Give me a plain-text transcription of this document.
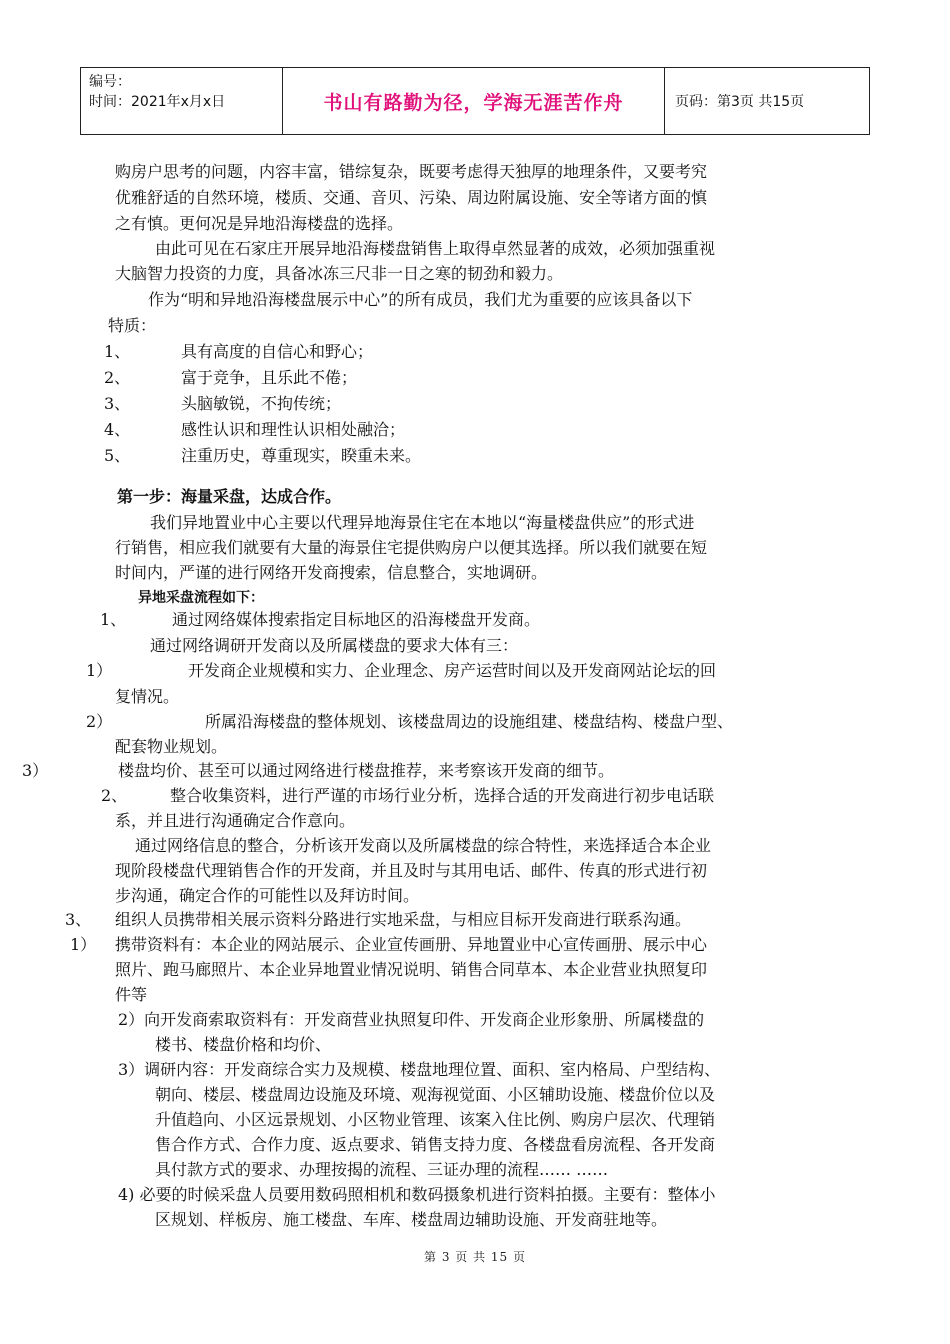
编号：
时间：2021年x月x日	书山有路勤为径，学海无涯苦作舟	页码：第3页 共15页
购房户思考的问题，内容丰富，错综复杂，既要考虑得天独厚的地理条件，又要考究
优雅舒适的自然环境，楼质、交通、音贝、污染、周边附属设施、安全等诸方面的慎
之有慎。更何况是异地沿海楼盘的选择。
由此可见在石家庄开展异地沿海楼盘销售上取得卓然显著的成效，必须加强重视
大脑智力投资的力度，具备冰冻三尺非一日之寒的韧劲和毅力。
作为“明和异地沿海楼盘展示中心”的所有成员，我们尤为重要的应该具备以下
特质：
1、	具有高度的自信心和野心；
2、	富于竞争，且乐此不倦；
3、	头脑敏锐，不拘传统；
4、	感性认识和理性认识相处融洽；
5、	注重历史，尊重现实，睽重未来。
第一步：海量采盘，达成合作。
我们异地置业中心主要以代理异地海景住宅在本地以“海量楼盘供应”的形式进
行销售，相应我们就要有大量的海景住宅提供购房户以便其选择。所以我们就要在短
时间内，严谨的进行网络开发商搜索，信息整合，实地调研。
异地采盘流程如下：
1、	通过网络媒体搜索指定目标地区的沿海楼盘开发商。
通过网络调研开发商以及所属楼盘的要求大体有三：
1）	开发商企业规模和实力、企业理念、房产运营时间以及开发商网站论坛的回
复情况。
2）	所属沿海楼盘的整体规划、该楼盘周边的设施组建、楼盘结构、楼盘户型、
配套物业规划。
3）	楼盘均价、甚至可以通过网络进行楼盘推荐，来考察该开发商的细节。
2、	整合收集资料，进行严谨的市场行业分析，选择合适的开发商进行初步电话联
系，并且进行沟通确定合作意向。
通过网络信息的整合，分析该开发商以及所属楼盘的综合特性，来选择适合本企业
现阶段楼盘代理销售合作的开发商，并且及时与其用电话、邮件、传真的形式进行初
步沟通，确定合作的可能性以及拜访时间。
3、 组织人员携带相关展示资料分路进行实地采盘，与相应目标开发商进行联系沟通。
1） 携带资料有：本企业的网站展示、企业宣传画册、异地置业中心宣传画册、展示中心
照片、跑马廊照片、本企业异地置业情况说明、销售合同草本、本企业营业执照复印
件等
2）向开发商索取资料有：开发商营业执照复印件、开发商企业形象册、所属楼盘的
楼书、楼盘价格和均价、
3）调研内容：开发商综合实力及规模、楼盘地理位置、面积、室内格局、户型结构、
朝向、楼层、楼盘周边设施及环境、观海视觉面、小区辅助设施、楼盘价位以及
升值趋向、小区远景规划、小区物业管理、该案入住比例、购房户层次、代理销
售合作方式、合作力度、返点要求、销售支持力度、各楼盘看房流程、各开发商
具付款方式的要求、办理按揭的流程、三证办理的流程…… ……
4) 必要的时候采盘人员要用数码照相机和数码摄象机进行资料拍摄。主要有：整体小
区规划、样板房、施工楼盘、车库、楼盘周边辅助设施、开发商驻地等。
第 3 页 共 15 页
